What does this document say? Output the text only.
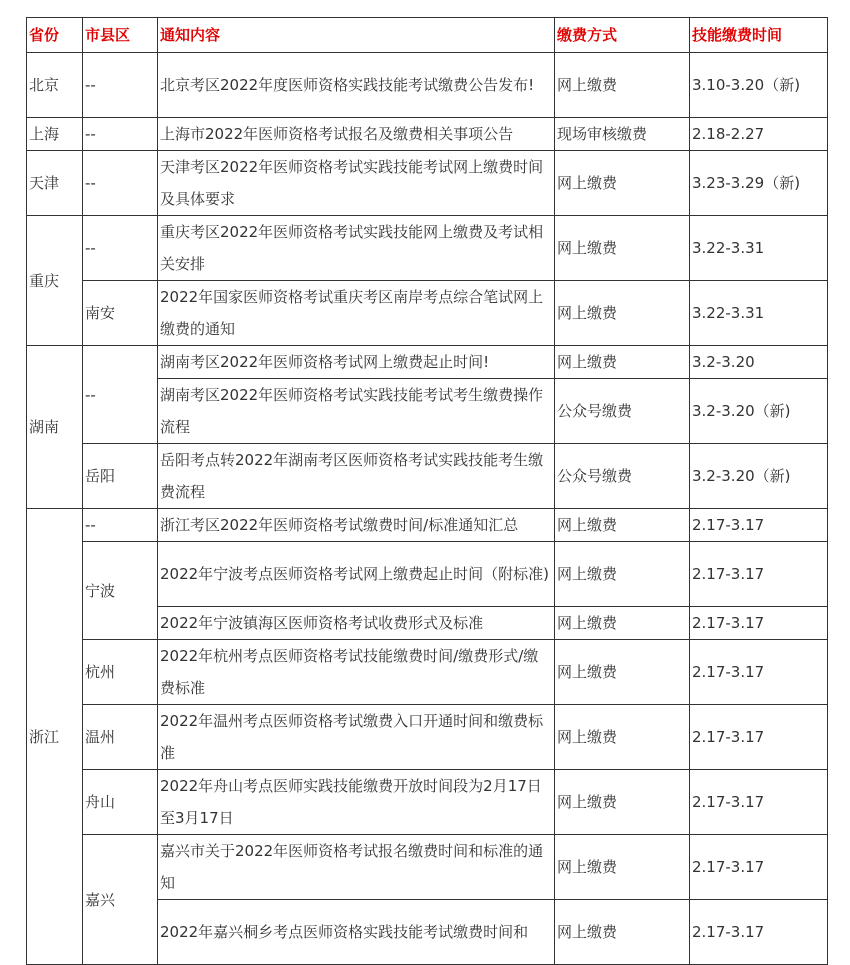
省份	市县区	通知内容	缴费方式	技能缴费时间
北京	--	北京考区2022年度医师资格实践技能考试缴费公告发布!	网上缴费	3.10-3.20（新)
上海	--	上海市2022年医师资格考试报名及缴费相关事项公告	现场审核缴费	2.18-2.27
天津	--	天津考区2022年医师资格考试实践技能考试网上缴费时间及具体要求	网上缴费	3.23-3.29（新)
重庆	--	重庆考区2022年医师资格考试实践技能网上缴费及考试相关安排	网上缴费	3.22-3.31
	南安	2022年国家医师资格考试重庆考区南岸考点综合笔试网上缴费的通知	网上缴费	3.22-3.31
湖南	--	湖南考区2022年医师资格考试网上缴费起止时间!	网上缴费	3.2-3.20
		湖南考区2022年医师资格考试实践技能考试考生缴费操作流程	公众号缴费	3.2-3.20（新)
	岳阳	岳阳考点转2022年湖南考区医师资格考试实践技能考生缴费流程	公众号缴费	3.2-3.20（新)
浙江	--	浙江考区2022年医师资格考试缴费时间/标准通知汇总	网上缴费	2.17-3.17
	宁波	2022年宁波考点医师资格考试网上缴费起止时间（附标准)	网上缴费	2.17-3.17
		2022年宁波镇海区医师资格考试收费形式及标准	网上缴费	2.17-3.17
	杭州	2022年杭州考点医师资格考试技能缴费时间/缴费形式/缴费标准	网上缴费	2.17-3.17
	温州	2022年温州考点医师资格考试缴费入口开通时间和缴费标准	网上缴费	2.17-3.17
	舟山	2022年舟山考点医师实践技能缴费开放时间段为2月17日至3月17日	网上缴费	2.17-3.17
	嘉兴	嘉兴市关于2022年医师资格考试报名缴费时间和标准的通知	网上缴费	2.17-3.17
		2022年嘉兴桐乡考点医师资格实践技能考试缴费时间和	网上缴费	2.17-3.17
